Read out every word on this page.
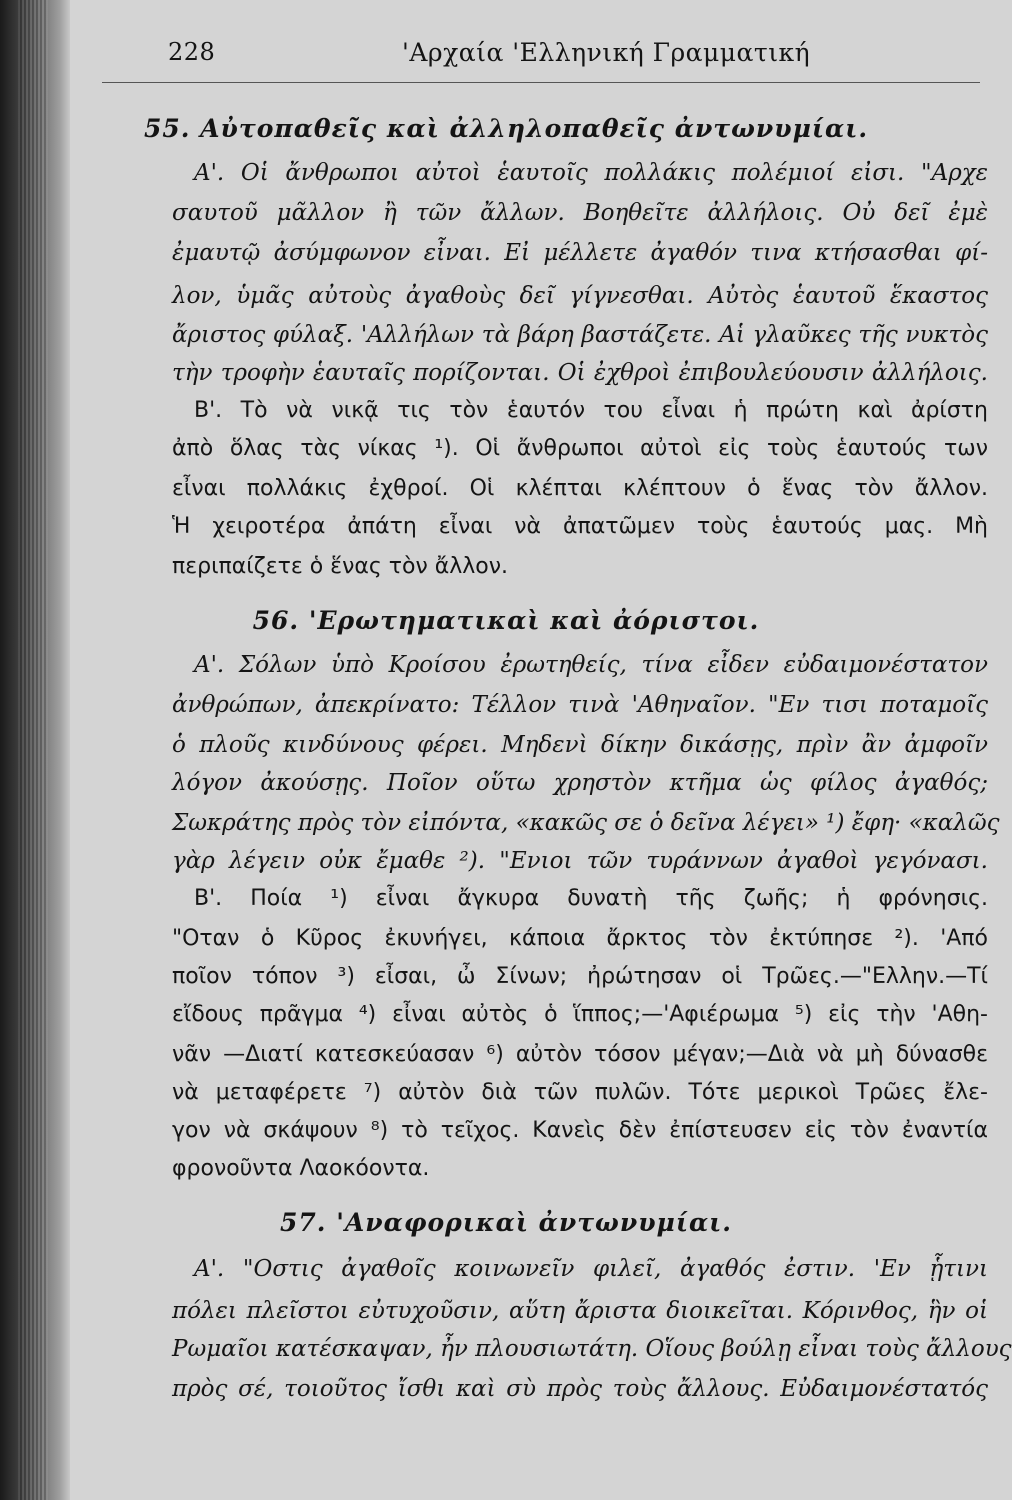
228	'Αρχαία 'Ελληνική Γραμματική
55. Αὐτοπαθεῖς καὶ ἀλληλοπαθεῖς ἀντωνυμίαι.
Α'. Οἱ ἄνθρωποι αὐτοὶ ἑαυτοῖς πολλάκις πολέμιοί εἰσι. "Αρχε
σαυτοῦ μᾶλλον ἢ τῶν ἄλλων. Βοηθεῖτε ἀλλήλοις. Οὐ δεῖ ἐμὲ
ἐμαυτῷ ἀσύμφωνον εἶναι. Εἰ μέλλετε ἀγαθόν τινα κτήσασθαι φί-
λον, ὑμᾶς αὐτοὺς ἀγαθοὺς δεῖ γίγνεσθαι. Αὐτὸς ἑαυτοῦ ἕκαστος
ἄριστος φύλαξ. 'Αλλήλων τὰ βάρη βαστάζετε. Αἱ γλαῦκες τῆς νυκτὸς
τὴν τροφὴν ἑαυταῖς πορίζονται. Οἱ ἐχθροὶ ἐπιβουλεύουσιν ἀλλήλοις.
Β'. Τὸ νὰ νικᾷ τις τὸν ἑαυτόν του εἶναι ἡ πρώτη καὶ ἀρίστη
ἀπὸ ὅλας τὰς νίκας ¹). Οἱ ἄνθρωποι αὐτοὶ εἰς τοὺς ἑαυτούς των
εἶναι πολλάκις ἐχθροί. Οἱ κλέπται κλέπτουν ὁ ἕνας τὸν ἄλλον.
Ἡ χειροτέρα ἀπάτη εἶναι νὰ ἀπατῶμεν τοὺς ἑαυτούς μας. Μὴ
περιπαίζετε ὁ ἕνας τὸν ἄλλον.
56. 'Ερωτηματικαὶ καὶ ἀόριστοι.
Α'. Σόλων ὑπὸ Κροίσου ἐρωτηθείς, τίνα εἶδεν εὐδαιμονέστατον
ἀνθρώπων, ἀπεκρίνατο: Τέλλον τινὰ 'Αθηναῖον. "Εν τισι ποταμοῖς
ὁ πλοῦς κινδύνους φέρει. Μηδενὶ δίκην δικάσῃς, πρὶν ἂν ἀμφοῖν
λόγον ἀκούσῃς. Ποῖον οὕτω χρηστὸν κτῆμα ὡς φίλος ἀγαθός;
Σωκράτης πρὸς τὸν εἰπόντα, «κακῶς σε ὁ δεῖνα λέγει» ¹) ἔφη· «καλῶς
γὰρ λέγειν οὐκ ἔμαθε ²). "Ενιοι τῶν τυράννων ἀγαθοὶ γεγόνασι.
Β'. Ποία ¹) εἶναι ἄγκυρα δυνατὴ τῆς ζωῆς; ἡ φρόνησις.
"Οταν ὁ Κῦρος ἐκυνήγει, κάποια ἄρκτος τὸν ἐκτύπησε ²). 'Από
ποῖον τόπον ³) εἶσαι, ὦ Σίνων; ἠρώτησαν οἱ Τρῶες.—"Ελλην.—Τί
εἴδους πρᾶγμα ⁴) εἶναι αὐτὸς ὁ ἵππος;—'Αφιέρωμα ⁵) εἰς τὴν 'Αθη-
νᾶν —Διατί κατεσκεύασαν ⁶) αὐτὸν τόσον μέγαν;—Διὰ νὰ μὴ δύνασθε
νὰ μεταφέρετε ⁷) αὐτὸν διὰ τῶν πυλῶν. Τότε μερικοὶ Τρῶες ἔλε-
γον νὰ σκάψουν ⁸) τὸ τεῖχος. Κανεὶς δὲν ἐπίστευσεν εἰς τὸν ἐναντία
φρονοῦντα Λαοκόοντα.
57. 'Αναφορικαὶ ἀντωνυμίαι.
Α'. "Οστις ἀγαθοῖς κοινωνεῖν φιλεῖ, ἀγαθός ἐστιν. 'Εν ᾗτινι
πόλει πλεῖστοι εὐτυχοῦσιν, αὕτη ἄριστα διοικεῖται. Κόρινθος, ἣν οἱ
Ρωμαῖοι κατέσκαψαν, ἦν πλουσιωτάτη. Οἵους βούλῃ εἶναι τοὺς ἄλλους
πρὸς σέ, τοιοῦτος ἴσθι καὶ σὺ πρὸς τοὺς ἄλλους. Εὐδαιμονέστατός
